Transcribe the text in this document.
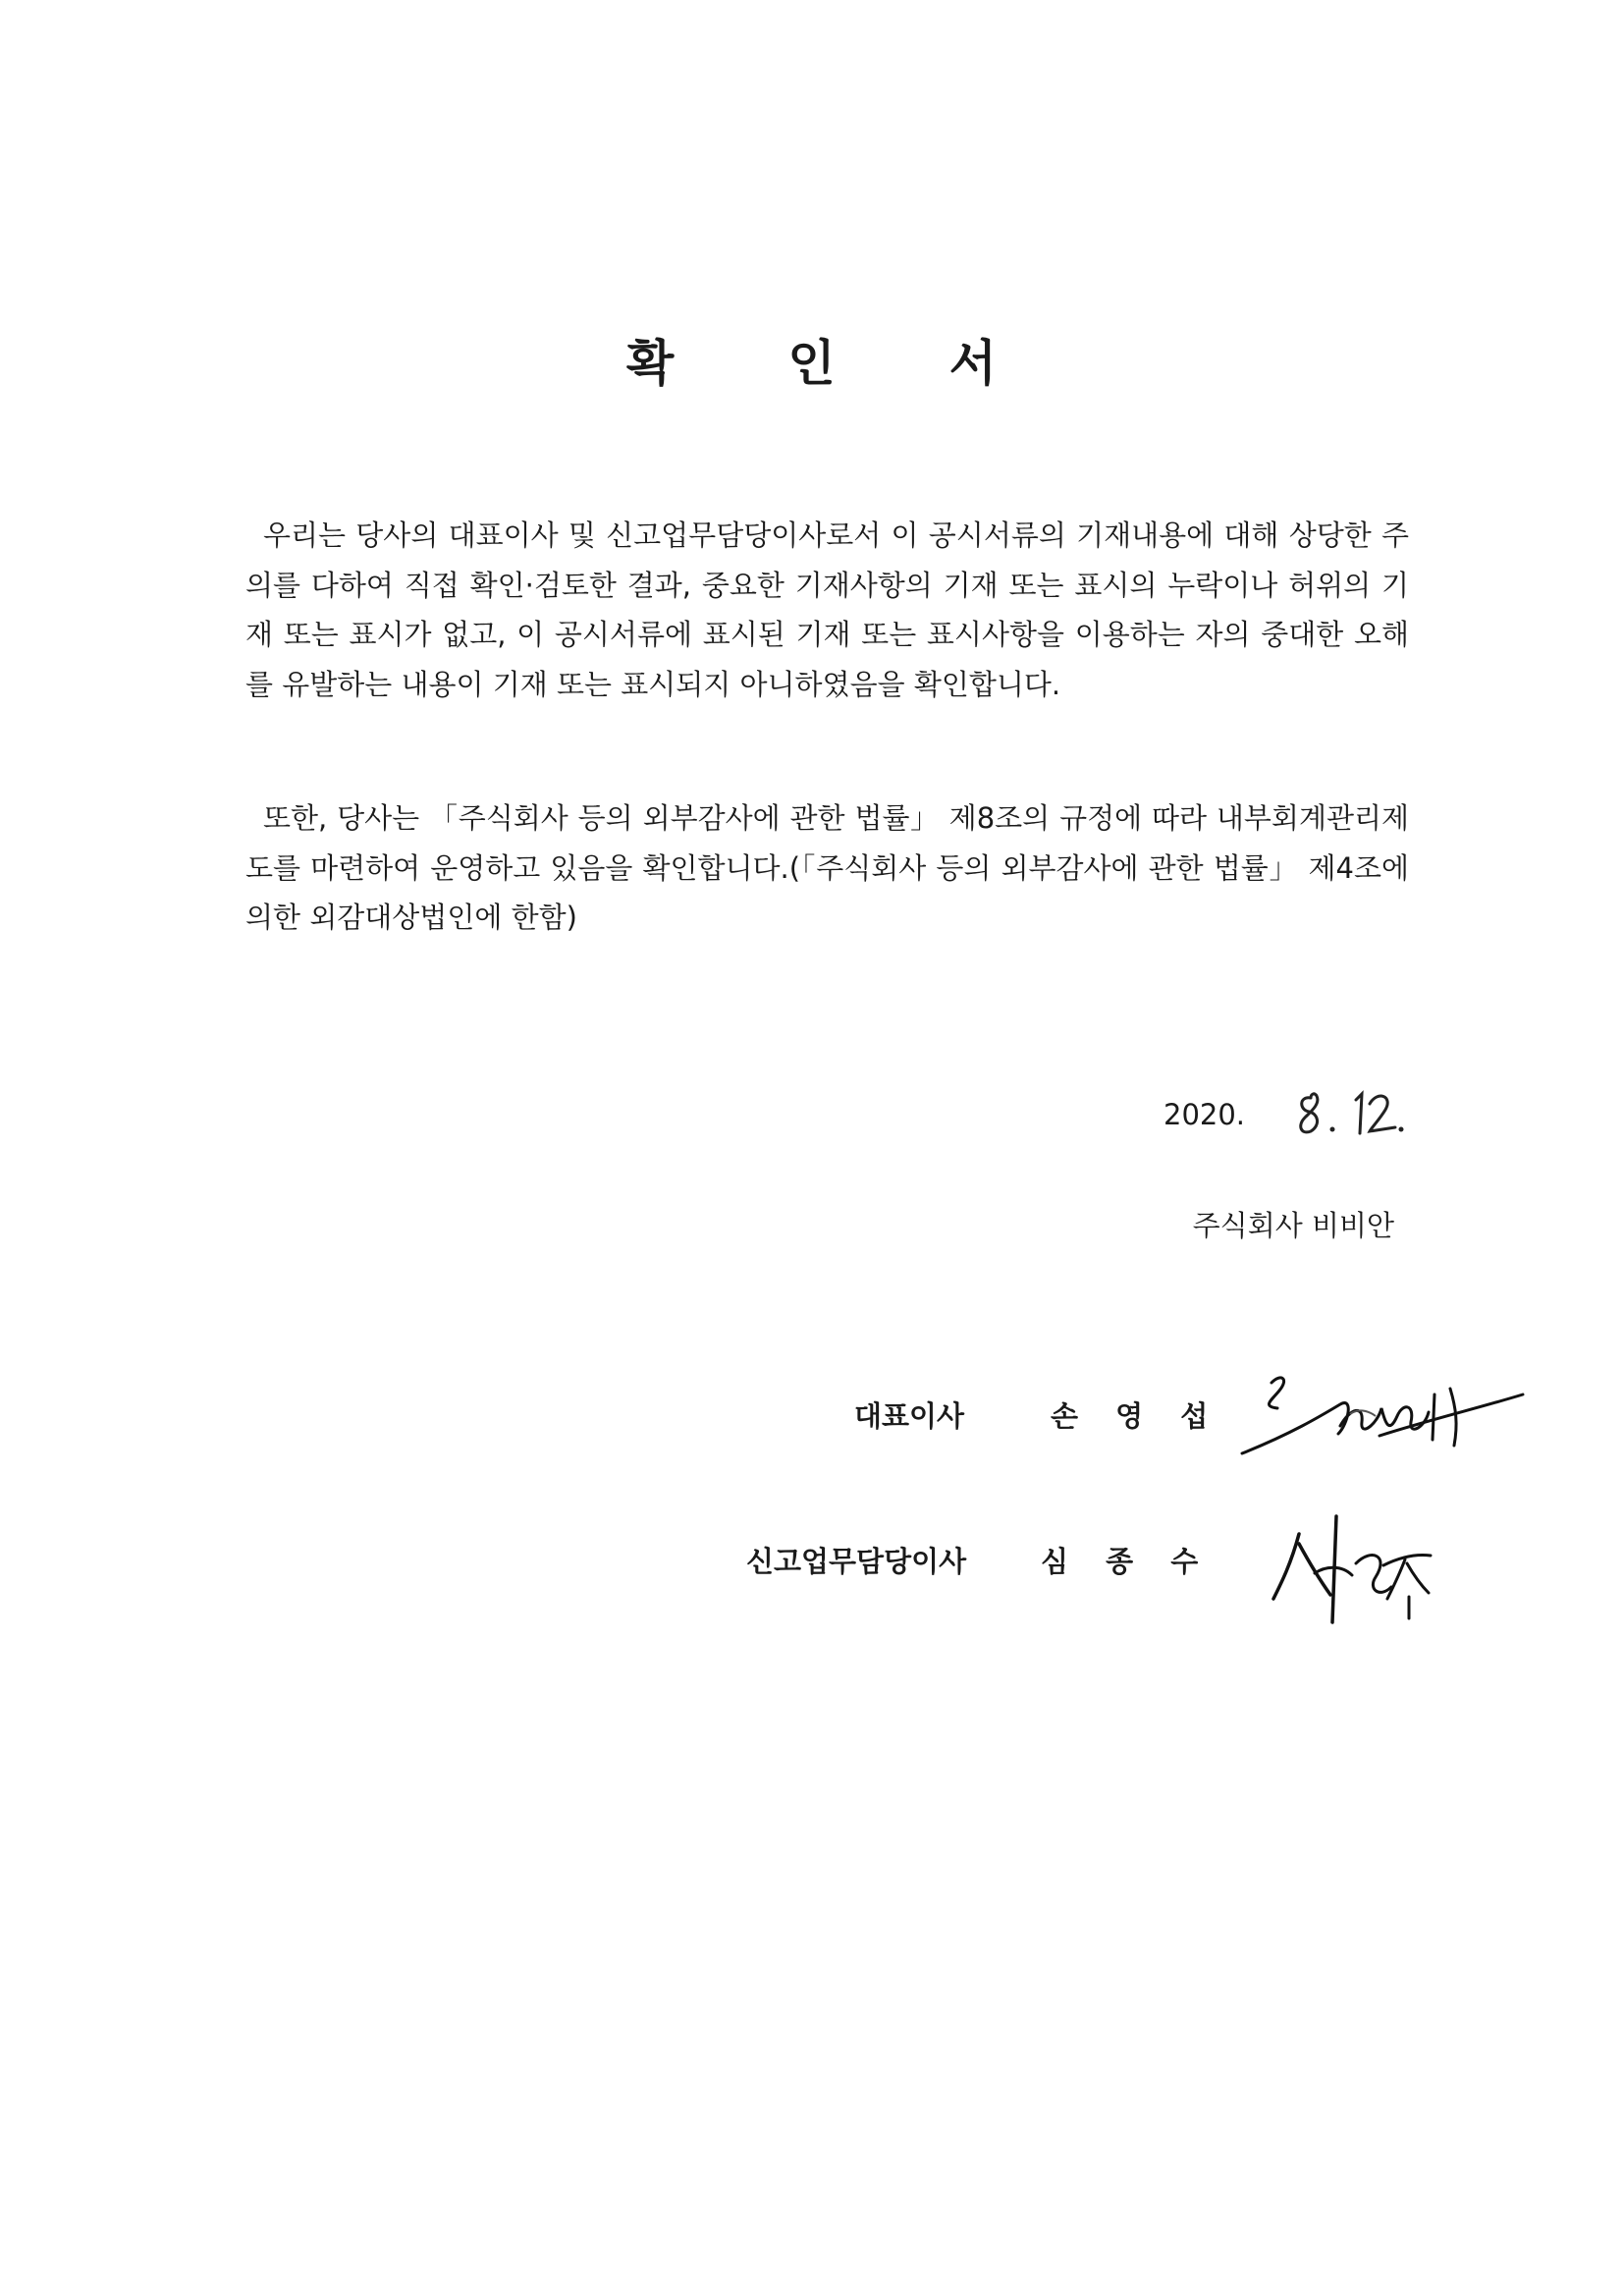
확 인 서

우리는 당사의 대표이사 및 신고업무담당이사로서 이 공시서류의 기재내용에 대해 상당한 주의를 다하여 직접 확인·검토한 결과, 중요한 기재사항의 기재 또는 표시의 누락이나 허위의 기재 또는 표시가 없고, 이 공시서류에 표시된 기재 또는 표시사항을 이용하는 자의 중대한 오해를 유발하는 내용이 기재 또는 표시되지 아니하였음을 확인합니다.

또한, 당사는 「주식회사 등의 외부감사에 관한 법률」 제8조의 규정에 따라 내부회계관리제도를 마련하여 운영하고 있음을 확인합니다.(「주식회사 등의 외부감사에 관한 법률」 제4조에 의한 외감대상법인에 한함)

2020.
주식회사 비비안
대표이사	손 영 섭
신고업무담당이사	심 종 수
